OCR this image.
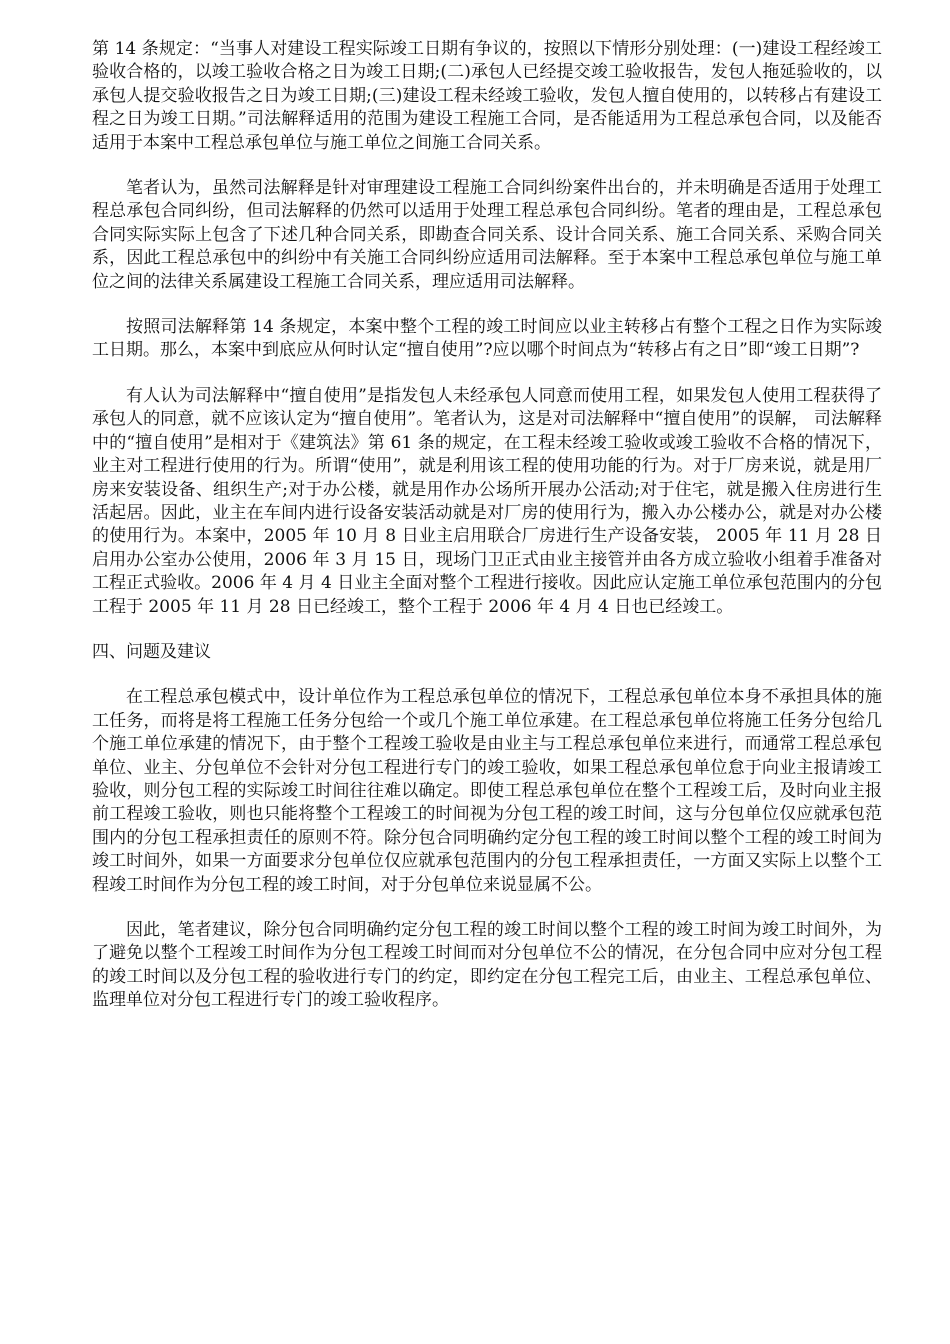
第 14 条规定：“当事人对建设工程实际竣工日期有争议的，按照以下情形分别处理：(一)建设工程经竣工验收合格的，以竣工验收合格之日为竣工日期;(二)承包人已经提交竣工验收报告，发包人拖延验收的，以承包人提交验收报告之日为竣工日期;(三)建设工程未经竣工验收，发包人擅自使用的，以转移占有建设工程之日为竣工日期。”司法解释适用的范围为建设工程施工合同，是否能适用为工程总承包合同，以及能否适用于本案中工程总承包单位与施工单位之间施工合同关系。

笔者认为，虽然司法解释是针对审理建设工程施工合同纠纷案件出台的，并未明确是否适用于处理工程总承包合同纠纷，但司法解释的仍然可以适用于处理工程总承包合同纠纷。笔者的理由是，工程总承包合同实际实际上包含了下述几种合同关系，即勘查合同关系、设计合同关系、施工合同关系、采购合同关系，因此工程总承包中的纠纷中有关施工合同纠纷应适用司法解释。至于本案中工程总承包单位与施工单位之间的法律关系属建设工程施工合同关系，理应适用司法解释。

按照司法解释第 14 条规定，本案中整个工程的竣工时间应以业主转移占有整个工程之日作为实际竣工日期。那么，本案中到底应从何时认定“擅自使用”?应以哪个时间点为“转移占有之日”即“竣工日期”?

有人认为司法解释中“擅自使用”是指发包人未经承包人同意而使用工程，如果发包人使用工程获得了承包人的同意，就不应该认定为“擅自使用”。笔者认为，这是对司法解释中“擅自使用”的误解， 司法解释中的“擅自使用”是相对于《建筑法》第 61 条的规定，在工程未经竣工验收或竣工验收不合格的情况下，业主对工程进行使用的行为。所谓“使用”，就是利用该工程的使用功能的行为。对于厂房来说，就是用厂房来安装设备、组织生产;对于办公楼，就是用作办公场所开展办公活动;对于住宅，就是搬入住房进行生活起居。因此，业主在车间内进行设备安装活动就是对厂房的使用行为，搬入办公楼办公，就是对办公楼的使用行为。本案中，2005 年 10 月 8 日业主启用联合厂房进行生产设备安装， 2005 年 11 月 28 日启用办公室办公使用，2006 年 3 月 15 日，现场门卫正式由业主接管并由各方成立验收小组着手准备对工程正式验收。2006 年 4 月 4 日业主全面对整个工程进行接收。因此应认定施工单位承包范围内的分包工程于 2005 年 11 月 28 日已经竣工，整个工程于 2006 年 4 月 4 日也已经竣工。

四、问题及建议

在工程总承包模式中，设计单位作为工程总承包单位的情况下，工程总承包单位本身不承担具体的施工任务，而将是将工程施工任务分包给一个或几个施工单位承建。在工程总承包单位将施工任务分包给几个施工单位承建的情况下，由于整个工程竣工验收是由业主与工程总承包单位来进行，而通常工程总承包单位、业主、分包单位不会针对分包工程进行专门的竣工验收，如果工程总承包单位怠于向业主报请竣工验收，则分包工程的实际竣工时间往往难以确定。即使工程总承包单位在整个工程竣工后，及时向业主报前工程竣工验收，则也只能将整个工程竣工的时间视为分包工程的竣工时间，这与分包单位仅应就承包范围内的分包工程承担责任的原则不符。除分包合同明确约定分包工程的竣工时间以整个工程的竣工时间为竣工时间外，如果一方面要求分包单位仅应就承包范围内的分包工程承担责任，一方面又实际上以整个工程竣工时间作为分包工程的竣工时间，对于分包单位来说显属不公。

因此，笔者建议，除分包合同明确约定分包工程的竣工时间以整个工程的竣工时间为竣工时间外，为了避免以整个工程竣工时间作为分包工程竣工时间而对分包单位不公的情况，在分包合同中应对分包工程的竣工时间以及分包工程的验收进行专门的约定，即约定在分包工程完工后，由业主、工程总承包单位、监理单位对分包工程进行专门的竣工验收程序。
